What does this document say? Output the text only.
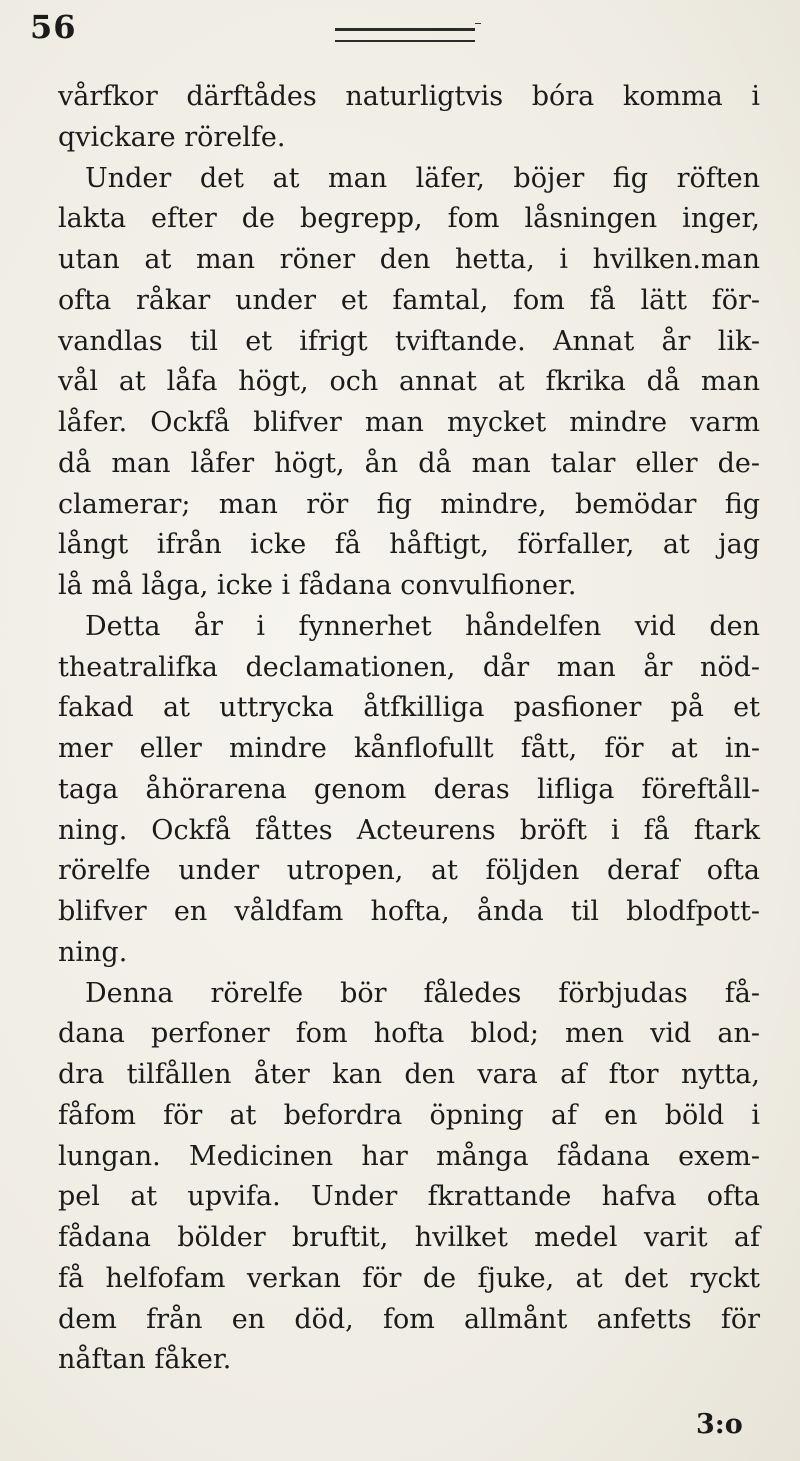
56
vårfkor därftådes naturligtvis bóra komma i
qvickare rörelfe.
Under det at man läfer, böjer fig röften
lakta efter de begrepp, fom låsningen inger,
utan at man röner den hetta, i hvilken.man
ofta råkar under et famtal, fom få lätt för-
vandlas til et ifrigt tviftande. Annat år lik-
vål at låfa högt, och annat at fkrika då man
låfer. Ockfå blifver man mycket mindre varm
då man låfer högt, ån då man talar eller de-
clamerar; man rör fig mindre, bemödar fig
långt ifrån icke få håftigt, förfaller, at jag
lå må låga, icke i fådana convulfioner.
Detta år i fynnerhet håndelfen vid den
theatralifka declamationen, dår man år nöd-
fakad at uttrycka åtfkilliga pasfioner på et
mer eller mindre kånflofullt fått, för at in-
taga åhörarena genom deras lifliga föreftåll-
ning. Ockfå fåttes Acteurens bröft i få ftark
rörelfe under utropen, at följden deraf ofta
blifver en våldfam hofta, ånda til blodfpott-
ning.
Denna rörelfe bör fåledes förbjudas få-
dana perfoner fom hofta blod; men vid an-
dra tilfållen åter kan den vara af ftor nytta,
fåfom för at befordra öpning af en böld i
lungan. Medicinen har många fådana exem-
pel at upvifa. Under fkrattande hafva ofta
fådana bölder bruftit, hvilket medel varit af
få helfofam verkan för de fjuke, at det ryckt
dem från en död, fom allmånt anfetts för
nåftan fåker.
3:o
